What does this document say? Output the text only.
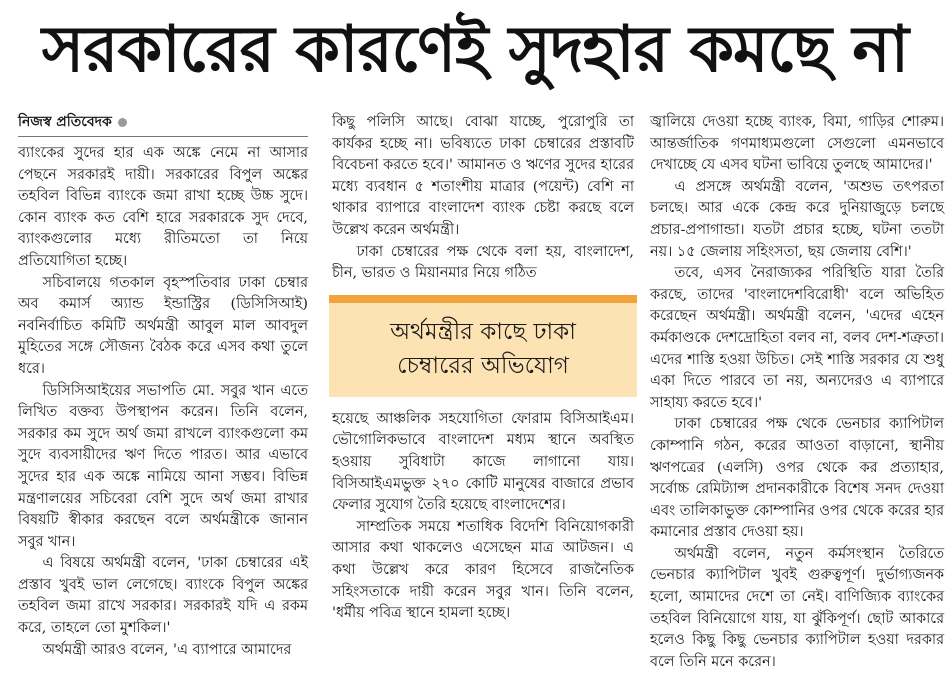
সরকারের কারণেই সুদহার কমছে না
নিজস্ব প্রতিবেদক

ব্যাংকের সুদের হার এক অঙ্কে নেমে না আসার পেছনে সরকারই দায়ী। সরকারের বিপুল অঙ্কের তহবিল বিভিন্ন ব্যাংকে জমা রাখা হচ্ছে উচ্চ সুদে। কোন ব্যাংক কত বেশি হারে সরকারকে সুদ দেবে, ব্যাংকগুলোর মধ্যে রীতিমতো তা নিয়ে প্রতিযোগিতা হচ্ছে।

সচিবালয়ে গতকাল বৃহস্পতিবার ঢাকা চেম্বার অব কমার্স অ্যান্ড ইন্ডাস্ট্রির (ডিসিসিআই) নবনির্বাচিত কমিটি অর্থমন্ত্রী আবুল মাল আবদুল মুহিতের সঙ্গে সৌজন্য বৈঠক করে এসব কথা তুলে ধরে।

ডিসিসিআইয়ের সভাপতি মো. সবুর খান এতে লিখিত বক্তব্য উপস্থাপন করেন। তিনি বলেন, সরকার কম সুদে অর্থ জমা রাখলে ব্যাংকগুলো কম সুদে ব্যবসায়ীদের ঋণ দিতে পারত। আর এভাবে সুদের হার এক অঙ্কে নামিয়ে আনা সম্ভব। বিভিন্ন মন্ত্রণালয়ের সচিবেরা বেশি সুদে অর্থ জমা রাখার বিষয়টি স্বীকার করছেন বলে অর্থমন্ত্রীকে জানান সবুর খান।

এ বিষয়ে অর্থমন্ত্রী বলেন, 'ঢাকা চেম্বারের এই প্রস্তাব খুবই ভাল লেগেছে। ব্যাংকে বিপুল অঙ্কের তহবিল জমা রাখে সরকার। সরকারই যদি এ রকম করে, তাহলে তো মুশকিল।'

অর্থমন্ত্রী আরও বলেন, 'এ ব্যাপারে আমাদের

কিছু পলিসি আছে। বোঝা যাচ্ছে, পুরোপুরি তা কার্যকর হচ্ছে না। ভবিষ্যতে ঢাকা চেম্বারের প্রস্তাবটি বিবেচনা করতে হবে।' আমানত ও ঋণের সুদের হারের মধ্যে ব্যবধান ৫ শতাংশীয় মাত্রার (পয়েন্ট) বেশি না থাকার ব্যাপারে বাংলাদেশ ব্যাংক চেষ্টা করছে বলে উল্লেখ করেন অর্থমন্ত্রী।

ঢাকা চেম্বারের পক্ষ থেকে বলা হয়, বাংলাদেশ, চীন, ভারত ও মিয়ানমার নিয়ে গঠিত

অর্থমন্ত্রীর কাছে ঢাকা
চেম্বারের অভিযোগ

হয়েছে আঞ্চলিক সহযোগিতা ফোরাম বিসিআইএম। ভৌগোলিকভাবে বাংলাদেশ মধ্যম স্থানে অবস্থিত হওয়ায় সুবিধাটা কাজে লাগানো যায়। বিসিআইএমভুক্ত ২৭০ কোটি মানুষের বাজারে প্রভাব ফেলার সুযোগ তৈরি হয়েছে বাংলাদেশের।

সাম্প্রতিক সময়ে শতাধিক বিদেশি বিনিয়োগকারী আসার কথা থাকলেও এসেছেন মাত্র আটজন। এ কথা উল্লেখ করে কারণ হিসেবে রাজনৈতিক সহিংসতাকে দায়ী করেন সবুর খান। তিনি বলেন, 'ধর্মীয় পবিত্র স্থানে হামলা হচ্ছে।

জ্বালিয়ে দেওয়া হচ্ছে ব্যাংক, বিমা, গাড়ির শোরুম। আন্তর্জাতিক গণমাধ্যমগুলো সেগুলো এমনভাবে দেখাচ্ছে যে এসব ঘটনা ভাবিয়ে তুলছে আমাদের।'

এ প্রসঙ্গে অর্থমন্ত্রী বলেন, 'অশুভ তৎপরতা চলছে। আর একে কেন্দ্র করে দুনিয়াজুড়ে চলছে প্রচার-প্রপাগান্ডা। যতটা প্রচার হচ্ছে, ঘটনা ততটা নয়। ১৫ জেলায় সহিংসতা, ছয় জেলায় বেশি।'

তবে, এসব নৈরাজ্যকর পরিস্থিতি যারা তৈরি করছে, তাদের 'বাংলাদেশবিরোধী' বলে অভিহিত করেছেন অর্থমন্ত্রী। অর্থমন্ত্রী বলেন, 'এদের এহেন কর্মকাণ্ডকে দেশদ্রোহিতা বলব না, বলব দেশ-শত্রুতা। এদের শাস্তি হওয়া উচিত। সেই শাস্তি সরকার যে শুধু একা দিতে পারবে তা নয়, অন্যদেরও এ ব্যাপারে সাহায্য করতে হবে।'

ঢাকা চেম্বারের পক্ষ থেকে ভেনচার ক্যাপিটাল কোম্পানি গঠন, করের আওতা বাড়ানো, স্থানীয় ঋণপত্রের (এলসি) ওপর থেকে কর প্রত্যাহার, সর্বোচ্চ রেমিট্যান্স প্রদানকারীকে বিশেষ সনদ দেওয়া এবং তালিকাভুক্ত কোম্পানির ওপর থেকে করের হার কমানোর প্রস্তাব দেওয়া হয়।

অর্থমন্ত্রী বলেন, নতুন কর্মসংস্থান তৈরিতে ভেনচার ক্যাপিটাল খুবই গুরুত্বপূর্ণ। দুর্ভাগ্যজনক হলো, আমাদের দেশে তা নেই। বাণিজ্যিক ব্যাংকের তহবিল বিনিয়োগে যায়, যা ঝুঁকিপূর্ণ। ছোট আকারে হলেও কিছু কিছু ভেনচার ক্যাপিটাল হওয়া দরকার বলে তিনি মনে করেন।
